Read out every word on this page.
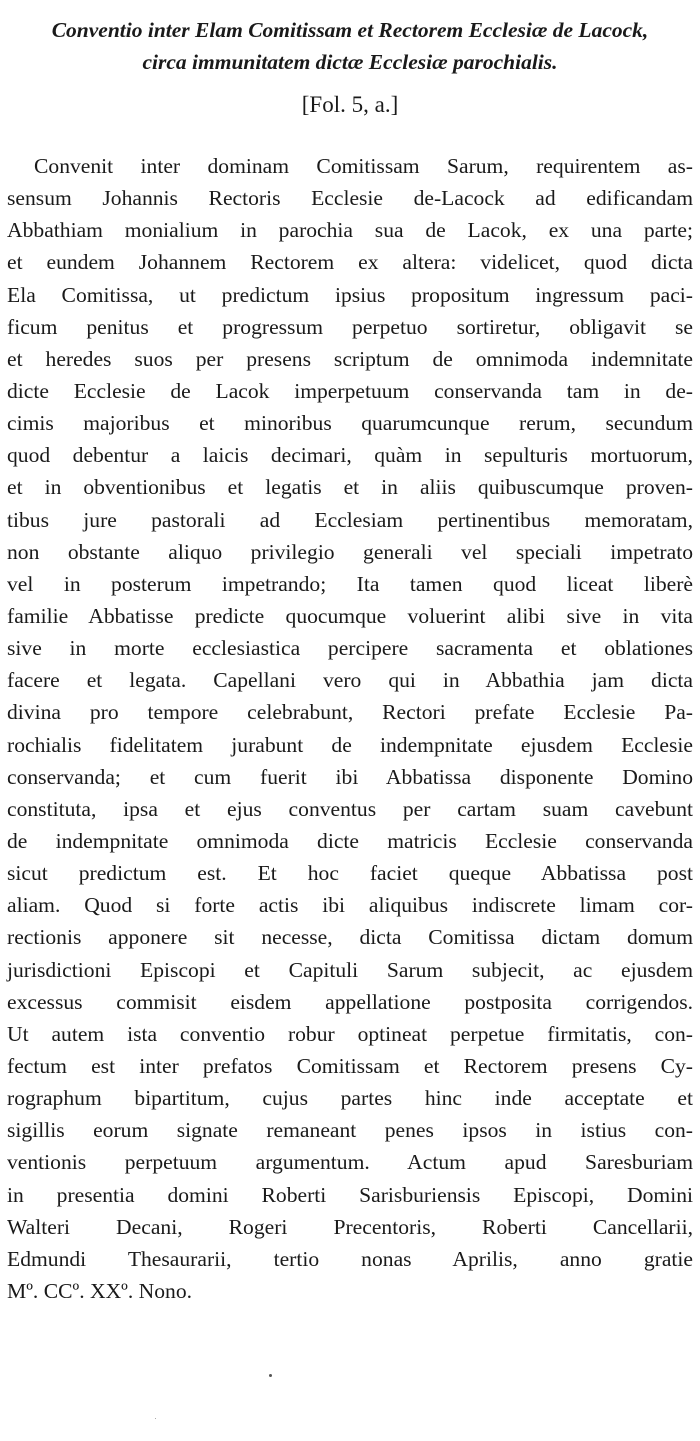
Conventio inter Elam Comitissam et Rectorem Ecclesiæ de Lacock,
circa immunitatem dictæ Ecclesiæ parochialis.
[Fol. 5, a.]
Convenit inter dominam Comitissam Sarum, requirentem as-
sensum Johannis Rectoris Ecclesie de-Lacock ad edificandam
Abbathiam monialium in parochia sua de Lacok, ex una parte;
et eundem Johannem Rectorem ex altera: videlicet, quod dicta
Ela Comitissa, ut predictum ipsius propositum ingressum paci-
ficum penitus et progressum perpetuo sortiretur, obligavit se
et heredes suos per presens scriptum de omnimoda indemnitate
dicte Ecclesie de Lacok imperpetuum conservanda tam in de-
cimis majoribus et minoribus quarumcunque rerum, secundum
quod debentur a laicis decimari, quàm in sepulturis mortuorum,
et in obventionibus et legatis et in aliis quibuscumque proven-
tibus jure pastorali ad Ecclesiam pertinentibus memoratam,
non obstante aliquo privilegio generali vel speciali impetrato
vel in posterum impetrando; Ita tamen quod liceat liberè
familie Abbatisse predicte quocumque voluerint alibi sive in vita
sive in morte ecclesiastica percipere sacramenta et oblationes
facere et legata. Capellani vero qui in Abbathia jam dicta
divina pro tempore celebrabunt, Rectori prefate Ecclesie Pa-
rochialis fidelitatem jurabunt de indempnitate ejusdem Ecclesie
conservanda; et cum fuerit ibi Abbatissa disponente Domino
constituta, ipsa et ejus conventus per cartam suam cavebunt
de indempnitate omnimoda dicte matricis Ecclesie conservanda
sicut predictum est. Et hoc faciet queque Abbatissa post
aliam. Quod si forte actis ibi aliquibus indiscrete limam cor-
rectionis apponere sit necesse, dicta Comitissa dictam domum
jurisdictioni Episcopi et Capituli Sarum subjecit, ac ejusdem
excessus commisit eisdem appellatione postposita corrigendos.
Ut autem ista conventio robur optineat perpetue firmitatis, con-
fectum est inter prefatos Comitissam et Rectorem presens Cy-
rographum bipartitum, cujus partes hinc inde acceptate et
sigillis eorum signate remaneant penes ipsos in istius con-
ventionis perpetuum argumentum. Actum apud Saresburiam
in presentia domini Roberti Sarisburiensis Episcopi, Domini
Walteri Decani, Rogeri Precentoris, Roberti Cancellarii,
Edmundi Thesaurarii, tertio nonas Aprilis, anno gratie
Mº. CCº. XXº. Nono.
